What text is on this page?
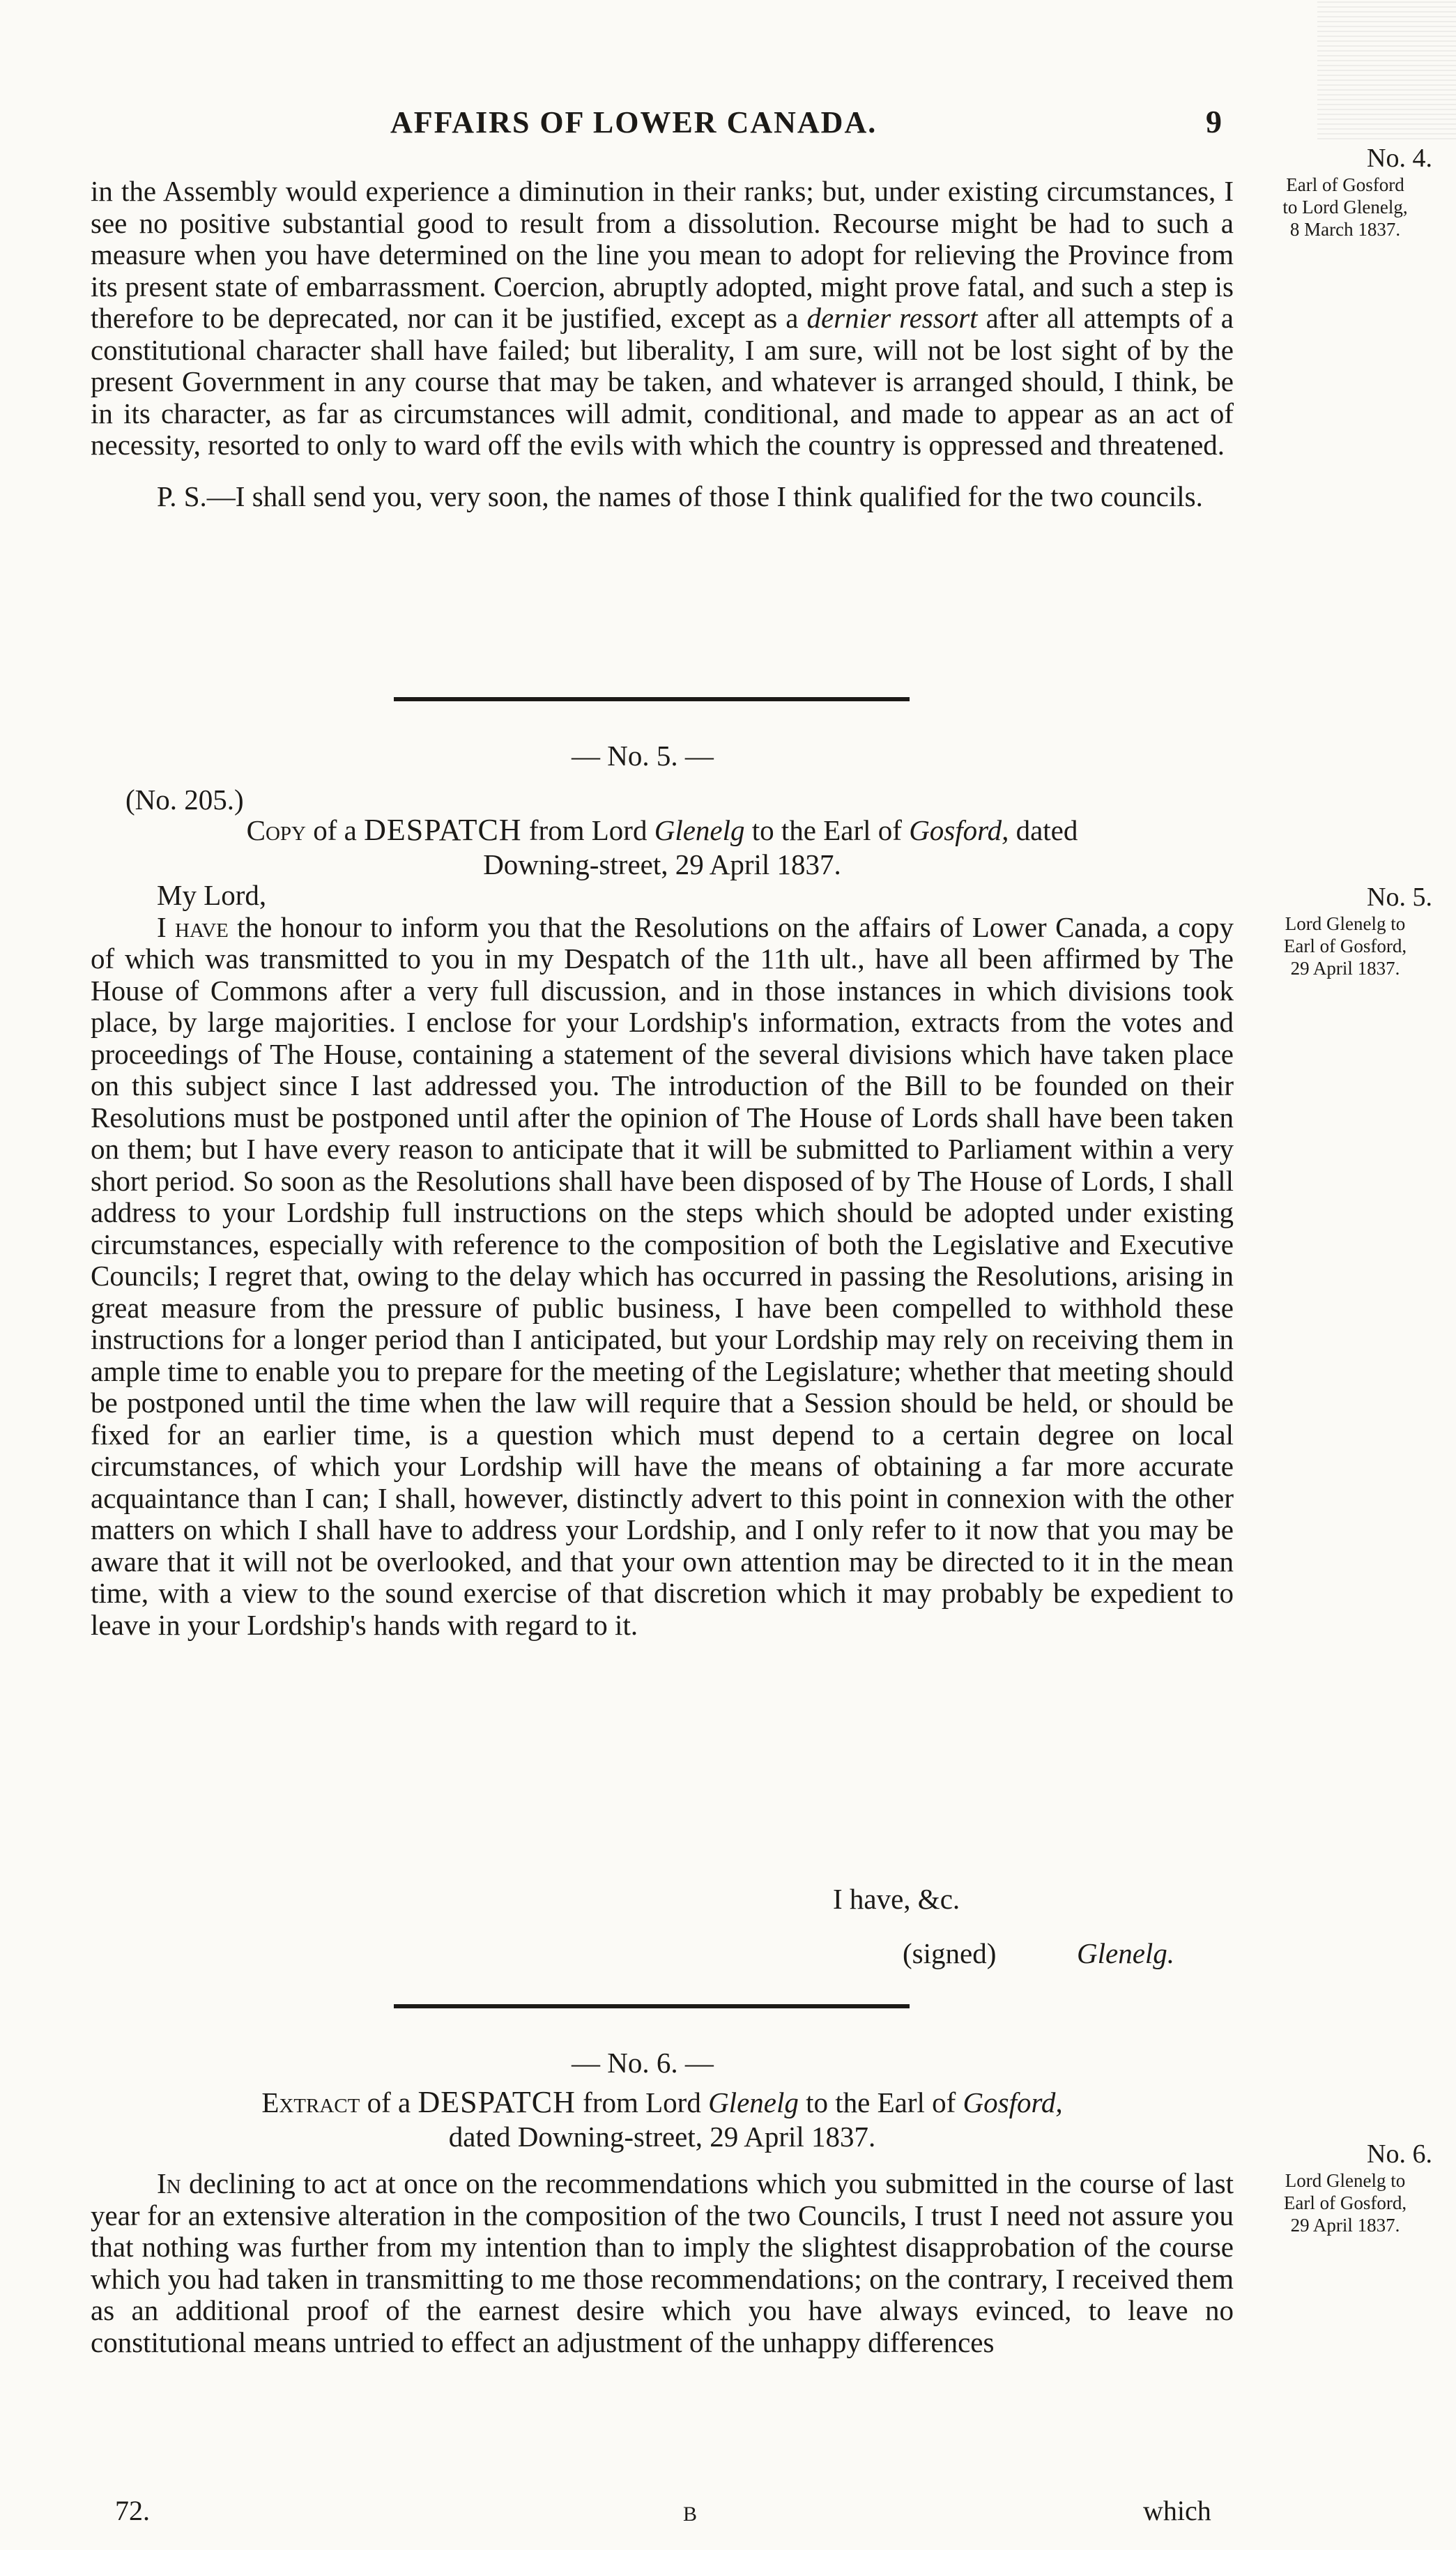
AFFAIRS OF LOWER CANADA.	9
No. 4.
Earl of Gosford
to Lord Glenelg,
8 March 1837.

in the Assembly would experience a diminution in their ranks; but, under existing circumstances, I see no positive substantial good to result from a dissolution. Recourse might be had to such a measure when you have determined on the line you mean to adopt for relieving the Province from its present state of embarrassment. Coercion, abruptly adopted, might prove fatal, and such a step is therefore to be deprecated, nor can it be justified, except as a dernier ressort after all attempts of a constitutional character shall have failed; but liberality, I am sure, will not be lost sight of by the present Government in any course that may be taken, and whatever is arranged should, I think, be in its character, as far as circumstances will admit, conditional, and made to appear as an act of necessity, resorted to only to ward off the evils with which the country is oppressed and threatened.

P. S.—I shall send you, very soon, the names of those I think qualified for the two councils.

— No. 5. —
(No. 205.)
Copy of a DESPATCH from Lord Glenelg to the Earl of Gosford, dated
Downing-street, 29 April 1837.
No. 5.
Lord Glenelg to
Earl of Gosford,
29 April 1837.

My Lord,

I have the honour to inform you that the Resolutions on the affairs of Lower Canada, a copy of which was transmitted to you in my Despatch of the 11th ult., have all been affirmed by The House of Commons after a very full discussion, and in those instances in which divisions took place, by large majorities. I enclose for your Lordship's information, extracts from the votes and proceedings of The House, containing a statement of the several divisions which have taken place on this subject since I last addressed you. The introduction of the Bill to be founded on their Resolutions must be postponed until after the opinion of The House of Lords shall have been taken on them; but I have every reason to anticipate that it will be submitted to Parliament within a very short period. So soon as the Resolutions shall have been disposed of by The House of Lords, I shall address to your Lordship full instructions on the steps which should be adopted under existing circumstances, especially with reference to the composition of both the Legislative and Executive Councils; I regret that, owing to the delay which has occurred in passing the Resolutions, arising in great measure from the pressure of public business, I have been compelled to withhold these instructions for a longer period than I anticipated, but your Lordship may rely on receiving them in ample time to enable you to prepare for the meeting of the Legislature; whether that meeting should be postponed until the time when the law will require that a Session should be held, or should be fixed for an earlier time, is a question which must depend to a certain degree on local circumstances, of which your Lordship will have the means of obtaining a far more accurate acquaintance than I can; I shall, however, distinctly advert to this point in connexion with the other matters on which I shall have to address your Lordship, and I only refer to it now that you may be aware that it will not be overlooked, and that your own attention may be directed to it in the mean time, with a view to the sound exercise of that discretion which it may probably be expedient to leave in your Lordship's hands with regard to it.

I have, &c.
(signed)	Glenelg.
— No. 6. —
Extract of a DESPATCH from Lord Glenelg to the Earl of Gosford,
dated Downing-street, 29 April 1837.
No. 6.
Lord Glenelg to
Earl of Gosford,
29 April 1837.

In declining to act at once on the recommendations which you submitted in the course of last year for an extensive alteration in the composition of the two Councils, I trust I need not assure you that nothing was further from my intention than to imply the slightest disapprobation of the course which you had taken in transmitting to me those recommendations; on the contrary, I received them as an additional proof of the earnest desire which you have always evinced, to leave no constitutional means untried to effect an adjustment of the unhappy differences

72.	B	which
